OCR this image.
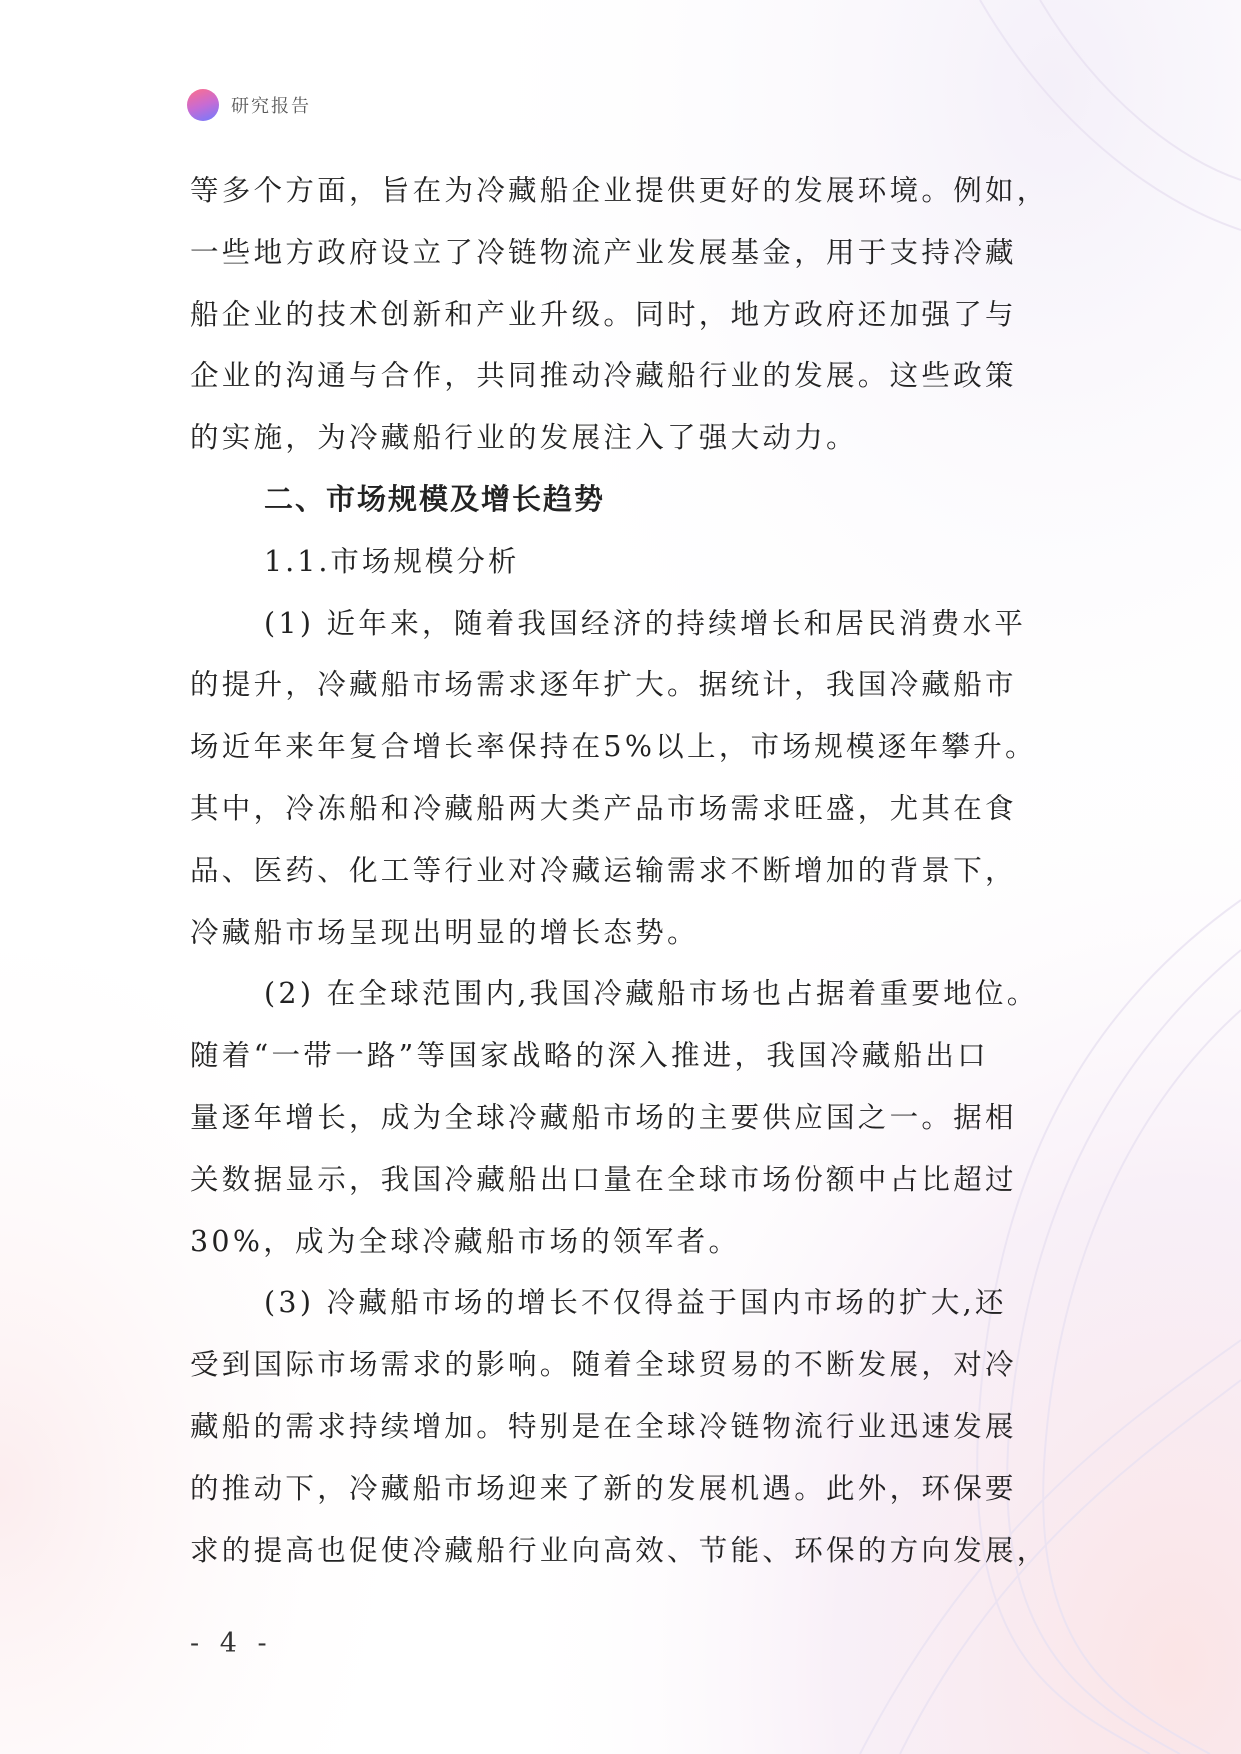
研究报告

等多个方面，旨在为冷藏船企业提供更好的发展环境。例如，

一些地方政府设立了冷链物流产业发展基金，用于支持冷藏

船企业的技术创新和产业升级。同时，地方政府还加强了与

企业的沟通与合作，共同推动冷藏船行业的发展。这些政策

的实施，为冷藏船行业的发展注入了强大动力。

二、市场规模及增长趋势

1.1.市场规模分析

(1) 近年来，随着我国经济的持续增长和居民消费水平

的提升，冷藏船市场需求逐年扩大。据统计，我国冷藏船市

场近年来年复合增长率保持在5%以上，市场规模逐年攀升。

其中，冷冻船和冷藏船两大类产品市场需求旺盛，尤其在食

品、医药、化工等行业对冷藏运输需求不断增加的背景下，

冷藏船市场呈现出明显的增长态势。

(2) 在全球范围内,我国冷藏船市场也占据着重要地位。

随着“一带一路”等国家战略的深入推进，我国冷藏船出口

量逐年增长，成为全球冷藏船市场的主要供应国之一。据相

关数据显示，我国冷藏船出口量在全球市场份额中占比超过

30%，成为全球冷藏船市场的领军者。

(3) 冷藏船市场的增长不仅得益于国内市场的扩大,还

受到国际市场需求的影响。随着全球贸易的不断发展，对冷

藏船的需求持续增加。特别是在全球冷链物流行业迅速发展

的推动下，冷藏船市场迎来了新的发展机遇。此外，环保要

求的提高也促使冷藏船行业向高效、节能、环保的方向发展，

- 4 -
